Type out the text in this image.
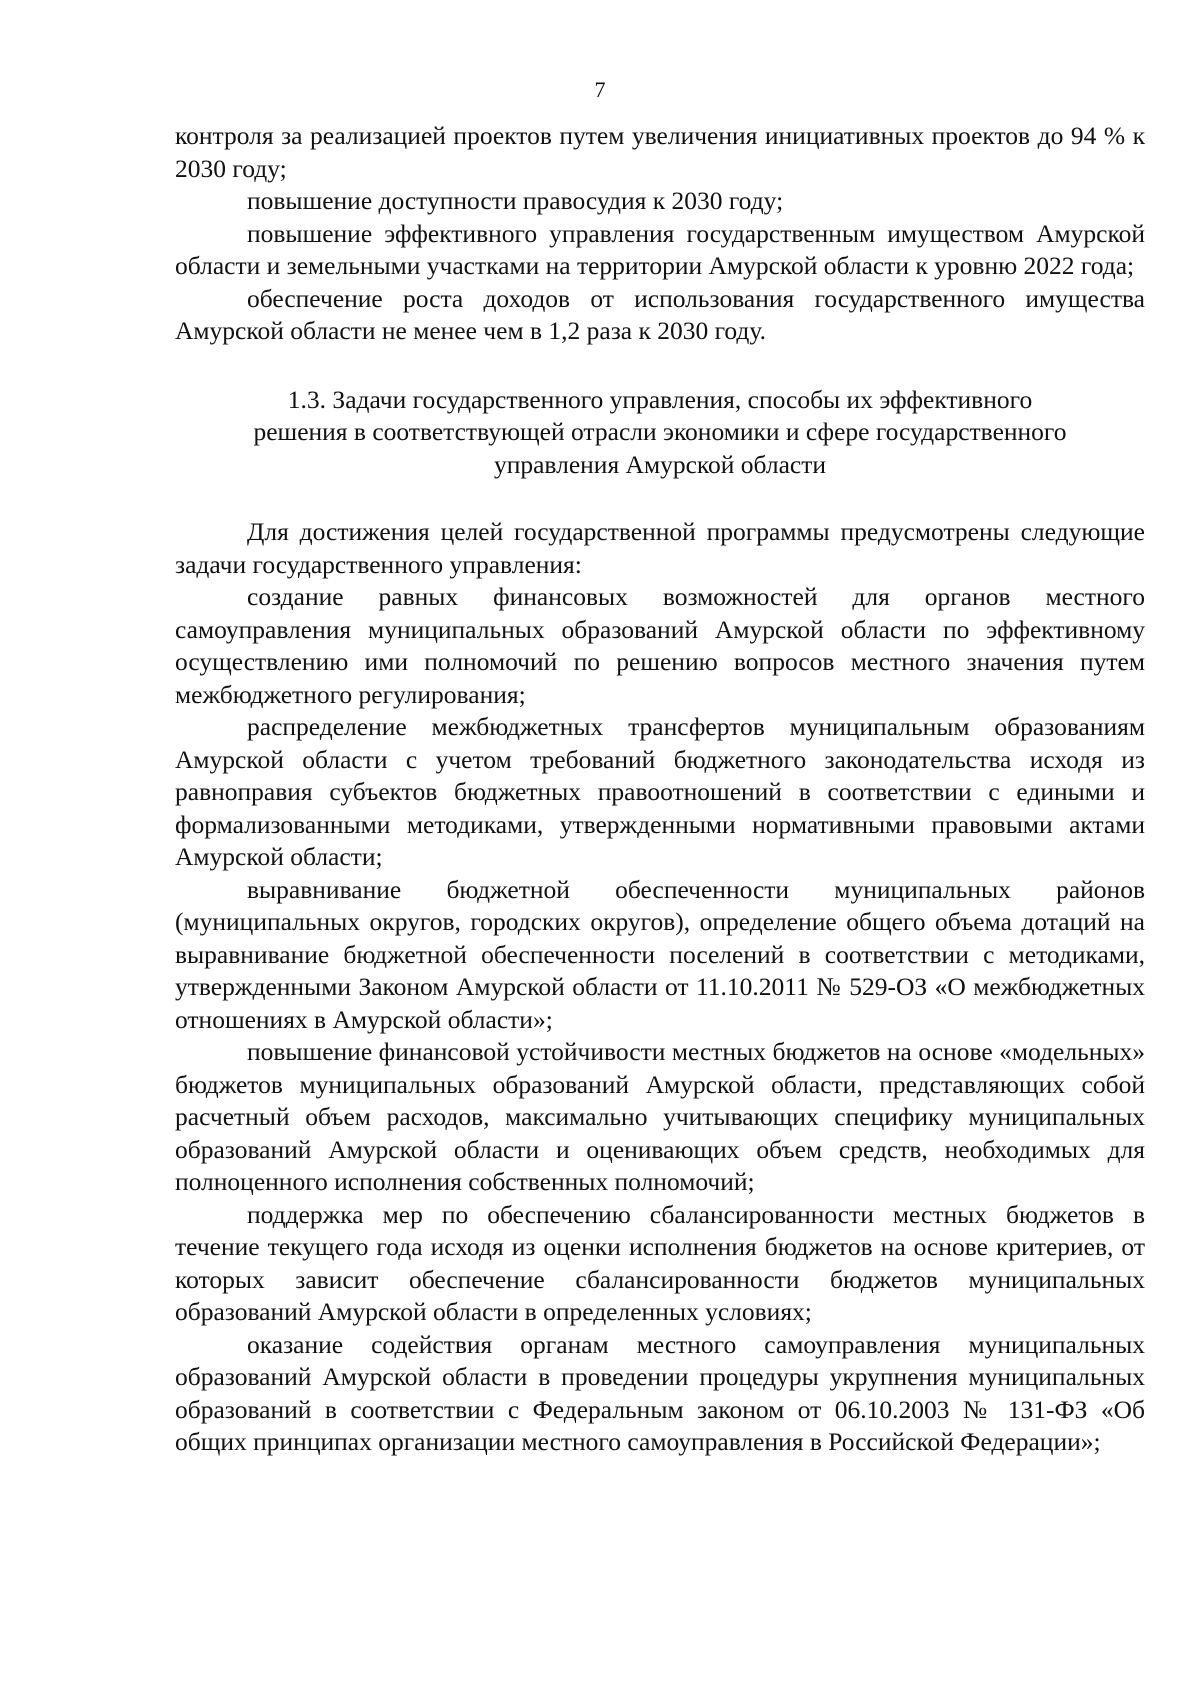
7

контроля за реализацией проектов путем увеличения инициативных проектов до 94 % к 2030 году;

повышение доступности правосудия к 2030 году;

повышение эффективного управления государственным имуществом Амурской области и земельными участками на территории Амурской области к уровню 2022 года;

обеспечение роста доходов от использования государственного имущества Амурской области не менее чем в 1,2 раза к 2030 году.

1.3. Задачи государственного управления, способы их эффективного
решения в соответствующей отрасли экономики и сфере государственного
управления Амурской области

Для достижения целей государственной программы предусмотрены следующие задачи государственного управления:

создание равных финансовых возможностей для органов местного самоуправления муниципальных образований Амурской области по эффективному осуществлению ими полномочий по решению вопросов местного значения путем межбюджетного регулирования;

распределение межбюджетных трансфертов муниципальным образованиям Амурской области с учетом требований бюджетного законодательства исходя из равноправия субъектов бюджетных правоотношений в соответствии с едиными и формализованными методиками, утвержденными нормативными правовыми актами Амурской области;

выравнивание бюджетной обеспеченности муниципальных районов (муниципальных округов, городских округов), определение общего объема дотаций на выравнивание бюджетной обеспеченности поселений в соответствии с методиками, утвержденными Законом Амурской области от 11.10.2011 № 529-ОЗ «О межбюджетных отношениях в Амурской области»;

повышение финансовой устойчивости местных бюджетов на основе «модельных» бюджетов муниципальных образований Амурской области, представляющих собой расчетный объем расходов, максимально учитывающих специфику муниципальных образований Амурской области и оценивающих объем средств, необходимых для полноценного исполнения собственных полномочий;

поддержка мер по обеспечению сбалансированности местных бюджетов в течение текущего года исходя из оценки исполнения бюджетов на основе критериев, от которых зависит обеспечение сбалансированности бюджетов муниципальных образований Амурской области в определенных условиях;

оказание содействия органам местного самоуправления муниципальных образований Амурской области в проведении процедуры укрупнения муниципальных образований в соответствии с Федеральным законом от 06.10.2003 № 131-ФЗ «Об общих принципах организации местного самоуправления в Российской Федерации»;
